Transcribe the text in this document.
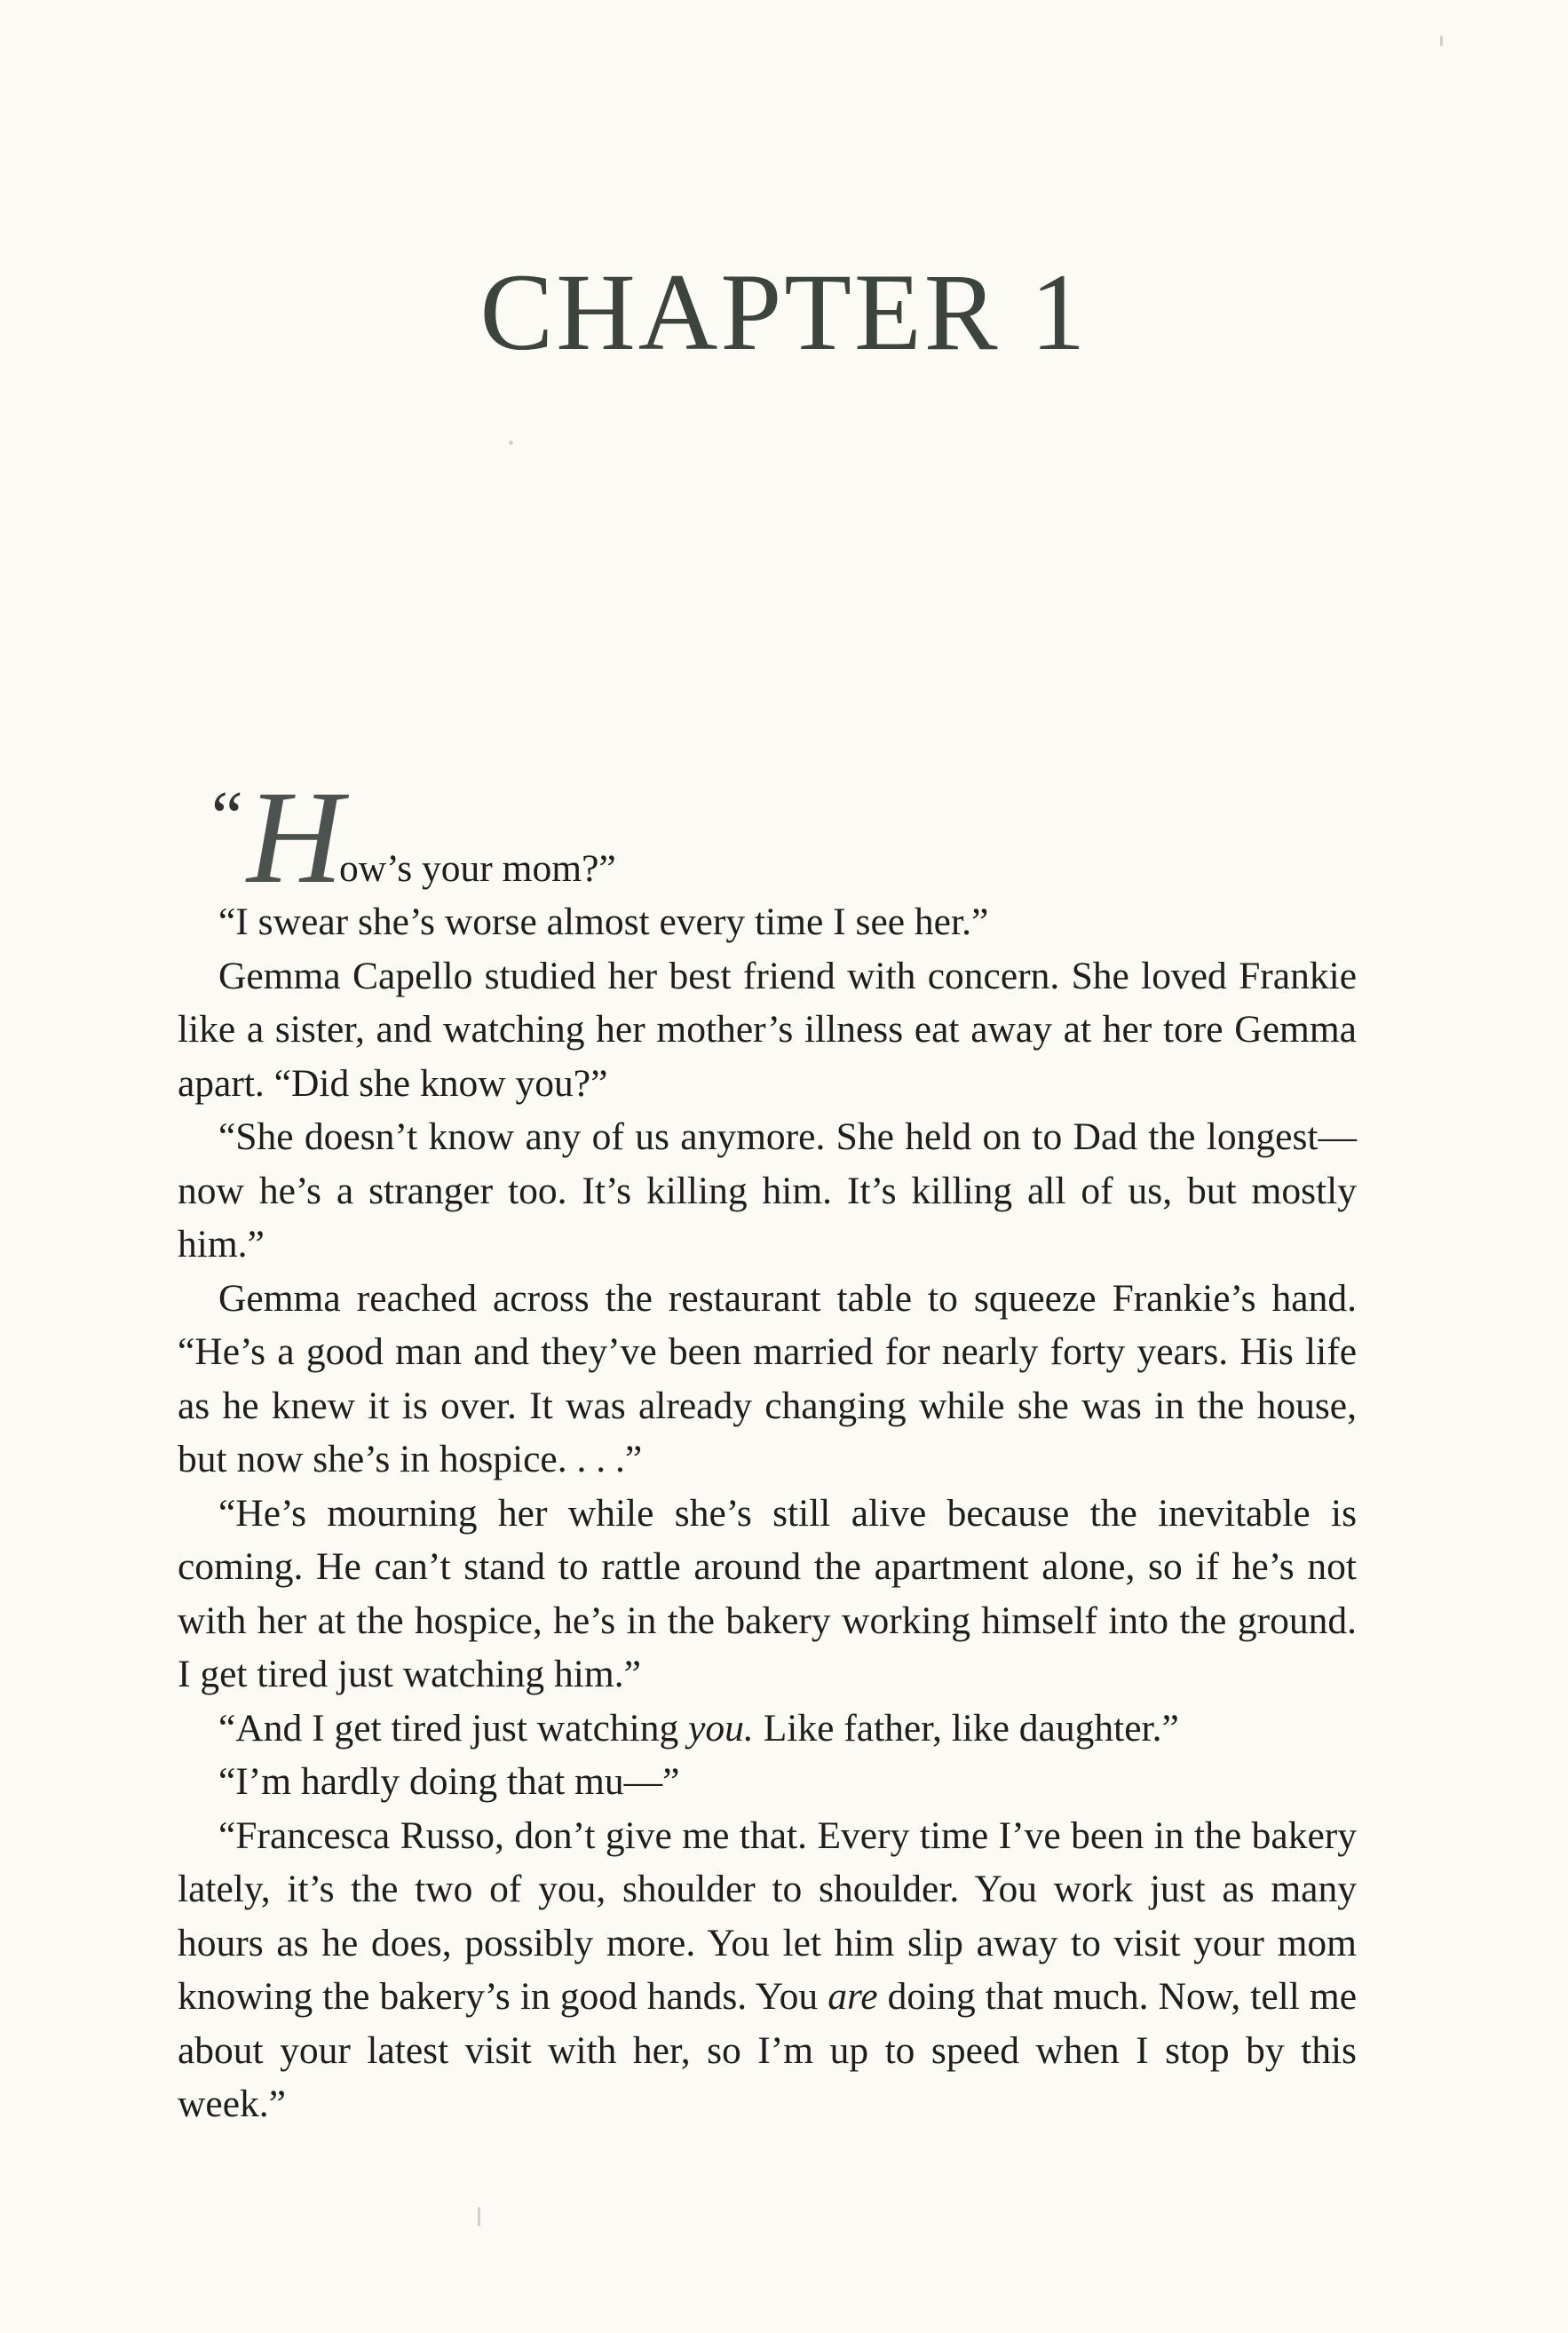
CHAPTER 1
“ H
ow’s your mom?”

“I swear she’s worse almost every time I see her.”

Gemma Capello studied her best friend with concern. She loved Frankie like a sister, and watching her mother’s illness eat away at her tore Gemma apart. “Did she know you?”

“She doesn’t know any of us anymore. She held on to Dad the longest—now he’s a stranger too. It’s killing him. It’s killing all of us, but mostly him.”

Gemma reached across the restaurant table to squeeze Frankie’s hand. “He’s a good man and they’ve been married for nearly forty years. His life as he knew it is over. It was already changing while she was in the house, but now she’s in hospice. . . .”

“He’s mourning her while she’s still alive because the inevitable is coming. He can’t stand to rattle around the apartment alone, so if he’s not with her at the hospice, he’s in the bakery working himself into the ground. I get tired just watching him.”

“And I get tired just watching you. Like father, like daughter.”

“I’m hardly doing that mu—”

“Francesca Russo, don’t give me that. Every time I’ve been in the bakery lately, it’s the two of you, shoulder to shoulder. You work just as many hours as he does, possibly more. You let him slip away to visit your mom knowing the bakery’s in good hands. You are doing that much. Now, tell me about your latest visit with her, so I’m up to speed when I stop by this week.”
